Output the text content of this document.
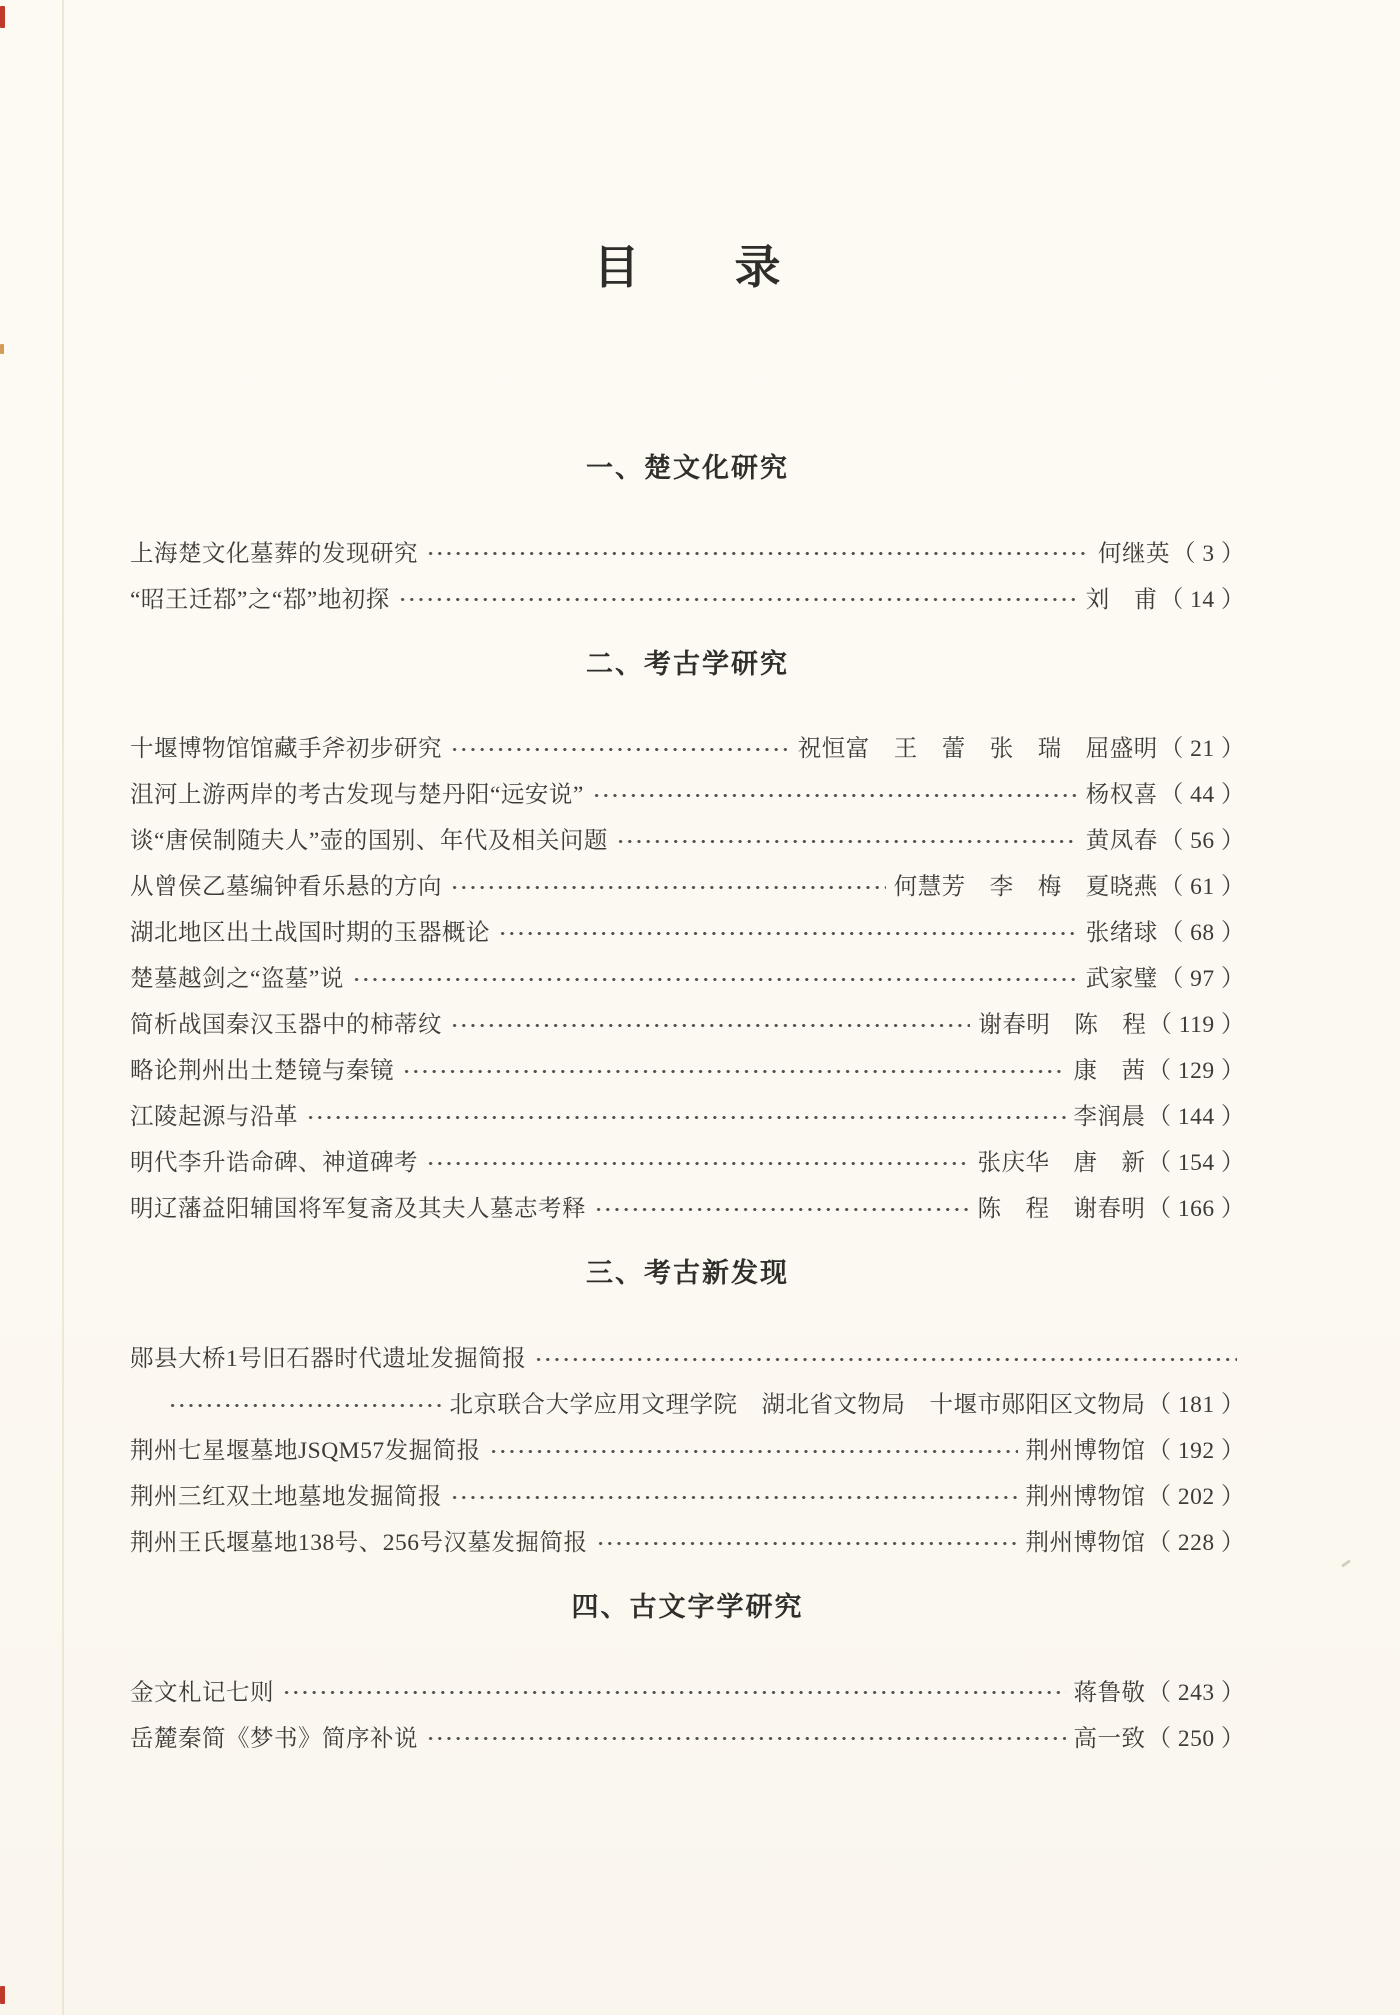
目　　录
一、楚文化研究
上海楚文化墓葬的发现研究	何继英 （ 3 ）
“昭王迁鄀”之“鄀”地初探	刘　甫 （ 14 ）
二、考古学研究
十堰博物馆馆藏手斧初步研究	祝恒富　王　蕾　张　瑞　屈盛明 （ 21 ）
沮河上游两岸的考古发现与楚丹阳“远安说”	杨权喜 （ 44 ）
谈“唐侯制随夫人”壶的国别、年代及相关问题	黄凤春 （ 56 ）
从曾侯乙墓编钟看乐悬的方向	何慧芳　李　梅　夏晓燕 （ 61 ）
湖北地区出土战国时期的玉器概论	张绪球 （ 68 ）
楚墓越剑之“盗墓”说	武家璧 （ 97 ）
简析战国秦汉玉器中的柿蒂纹	谢春明　陈　程 （ 119 ）
略论荆州出土楚镜与秦镜	康　茜 （ 129 ）
江陵起源与沿革	李润晨 （ 144 ）
明代李升诰命碑、神道碑考	张庆华　唐　新 （ 154 ）
明辽藩益阳辅国将军复斋及其夫人墓志考释	陈　程　谢春明 （ 166 ）
三、考古新发现
郧县大桥1号旧石器时代遗址发掘简报
北京联合大学应用文理学院　湖北省文物局　十堰市郧阳区文物局 （ 181 ）
荆州七星堰墓地JSQM57发掘简报	荆州博物馆 （ 192 ）
荆州三红双土地墓地发掘简报	荆州博物馆 （ 202 ）
荆州王氏堰墓地138号、256号汉墓发掘简报	荆州博物馆 （ 228 ）
四、古文字学研究
金文札记七则	蒋鲁敬 （ 243 ）
岳麓秦简《梦书》简序补说	高一致 （ 250 ）
